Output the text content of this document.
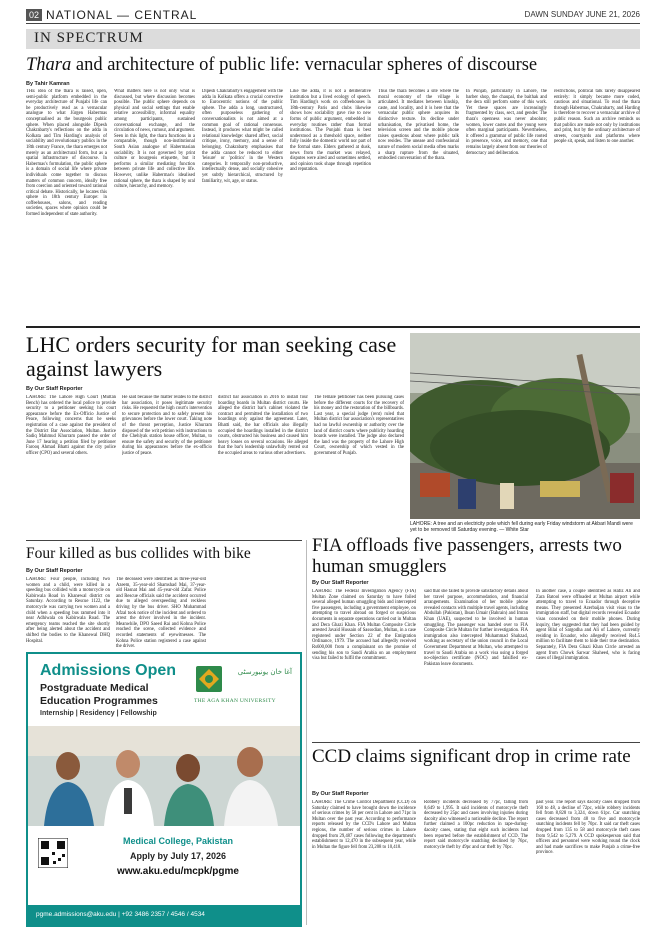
02 NATIONAL — CENTRAL	DAWN SUNDAY JUNE 21, 2026
IN SPECTRUM
Thara and architecture of public life: vernacular spheres of discourse
By Tahir Kamran
THE idea of the thara is raised, open, semi-public platform embedded in the everyday architecture of Punjabi life can be productively read as a vernacular analogue to what Jürgen Habermas conceptualised as the bourgeois public sphere. When placed alongside Dipesh Chakrabarty's reflections on the adda in Kolkata and Tim Harding's analysis of sociability and revolutionary publics in the 18th century France, the thara emerges not merely as an architectural form, but as a spatial infrastructure of discourse. In Habermas's formulation, the public sphere is a domain of social life where private individuals come together to discuss matters of common concern, ideally free from coercion and oriented toward rational critical debate. Historically, he locates this sphere in 18th century Europe: in coffeehouses, salons, and reading societies, spaces where opinion could be formed independent of state authority.
What matters here is not only what is discussed, but where discussion becomes possible. The public sphere depends on physical and social settings that enable relative accessibility, informal equality among participants, sustained conversational exchange, and the circulation of news, rumour, and argument. Seen in this light, the thara functions in a comparable, though non-institutional South Asian analogue of Habermasian sociability. It is not governed by print culture or bourgeois etiquette, but it performs a similar mediating function between private life and collective life. However, unlike Habermas's idealised rational sphere, the thara is shaped by oral culture, hierarchy, and memory.
Dipesh Chakrabarty's engagement with the adda in Kolkata offers a crucial corrective to Eurocentric notions of the public sphere. The adda a long, unstructured, often purposeless gathering of conversationalists is not aimed at a common goal of rational consensus. Instead, it produces what might be called relational knowledge: shared affect, social critique, irony, memory, and a sense of belonging. Chakrabarty emphasises that the adda cannot be reduced to either 'leisure' or 'politics' in the Western categories. It temporally non-productive, intellectually dense, and socially cohesive yet subtly hierarchical, structured by familiarity, wit, age, or status.
Like the adda, it is not a deliberative institution but a lived ecology of speech. Tim Harding's work on coffeehouses in 18th-century Paris and clubs likewise shows how sociability gave rise to new forms of public argument, embedded in everyday routines rather than formal institutions. The Punjabi thara is best understood as a threshold space, neither fully inside the domestic world nor part of the formal state. Elders gathered at dusk, news from the market was relayed, disputes were aired and sometimes settled, and opinion took shape through repetition and reputation.
Thus the thara becomes a site where the moral economy of the village is articulated. It mediates between kinship, caste, and locality, and it is here that the vernacular public sphere acquires its distinctive texture. Its decline under urbanisation, the privatised home, the television screen and the mobile phone raises questions about where public talk now resides. The unease and confessional nature of modern social media often marks a sharp rupture from the situated, embodied conversation of the thara.
In Punjab, particularly in Lahore, the barber shop, the chaupal, the baithak and the dera still perform some of this work. Yet these spaces are increasingly fragmented by class, sect, and gender. The thara's openness was never absolute; women, lower castes and the young were often marginal participants. Nevertheless, it offered a grammar of public life rooted in presence, voice, and memory, one that remains largely absent from our theories of democracy and deliberation.
restrictions, political talk rarely disappeared entirely: it simply became more coded, cautious and situational. To read the thara through Habermas, Chakrabarty, and Harding is therefore to recover a vernacular archive of public reason. Such an archive reminds us that publics are made not only by institutions and print, but by the ordinary architecture of streets, courtyards and platforms where people sit, speak, and listen to one another.
LHC orders security for man seeking case against lawyers
By Our Staff Reporter
LAHORE: The Lahore High Court (Multan Bench) has ordered the local police to provide security to a petitioner seeking his court appearance before the Ex-Officio Justice of Peace, following concerns that he seeks registration of a case against the president of the District Bar Association, Multan. Justice Sadiq Mahmud Khurram passed the order of June 17 hearing a petition filed by petitioner Farooq Ahmad Bhatti against the city police officer (CPO) and several others.
He said because the matter relates to the district bar association, it poses legitimate security risks. He requested the high court's intervention to secure protection and to safely present his grievances before the lower court. Taking note of the threat perception, Justice Khurram disposed of the writ petition with instructions to the Chehlyak station house officer, Multan, to ensure the safety and security of the petitioner during his appearances before the ex-officio justice of peace.
district bar association in 2016 to install four boarding boards in Multan district courts. He alleged the district bar's cabinet violated the contract and permitted the installation of two hoardings only against the agreement. Later, Bhatti said, the bar officials also illegally occupied the hoardings installed in the district courts, obstructed his business and caused him heavy losses on several occasions. He alleged that the bar's leadership unlawfully rented out the occupied areas to various other advertisers.
The female petitioner has been pursuing cases before the different courts for the recovery of his money and the restoration of the billboards. Last year, a special judge (rent) ruled that Multan district bar association's representatives had no lawful ownership or authority over the land of district courts where publicity hoarding boards were installed. The judge also declared the land was the property of the Lahore High Court, ownership of which vested in the government of Punjab.
LAHORE: A tree and an electricity pole which fell during early Friday windstorm at Akbari Mandi were yet to be removed till Saturday evening. — White Star
FIA offloads five passengers, arrests two human smugglers
By Our Staff Reporter
LAHORE: The Federal Investigation Agency (FIA) Multan Zone claimed on Saturday to have foiled several alleged human smuggling bids and intercepted five passengers, including a government employee, on attempting to travel abroad on forged or suspicious documents in separate operations carried out in Multan and Dera Ghazi Khan. FIA Multan Composite Circle arrested Javaid Hussain of Sassodian, Multan, in a case registered under Section 22 of the Emigration Ordinance, 1979. The accused had allegedly received Rs600,000 from a complainant on the promise of sending his son to Saudi Arabia on an employment visa but failed to fulfil the commitment.
said that she failed to provide satisfactory details about her travel purpose, accommodation, and financial arrangements. Examination of her mobile phone revealed contacts with multiple travel agents, including Abdullah (Pakistan), Ihsan Umair (Bahrain) and Imran Khan (UAE), suspected to be involved in human smuggling. The passenger was handed over to FIA Composite Circle Multan for further investigation. FIA immigration also intercepted Muhammad Shahzad, working as secretary of the union council in the Local Government Department at Multan, who attempted to travel to Saudi Arabia on a work visa using a forged no-objection certificate (NOC) and falsified ex-Pakistan leave documents.
In another case, a couple identified as Hafiz Ali and Zara Batool were offloaded at Multan airport while attempting to travel to Ecuador through deceptive means. They presented Azerbaijan visit visas to the immigration staff, but digital records revealed Ecuador visas concealed on their mobile phones. During inquiry, they suggested that they had been guided by agent Bilal of Sargodha and Ali of Lahore, currently residing in Ecuador, who allegedly received Rs4.5 million to facilitate them to hide their true destination. Separately, FIA Dera Ghazi Khan Circle arrested an agent from Chowk Sarwar Shaheed, who is facing cases of illegal immigration.
Four killed as bus collides with bike
By Our Staff Reporter
LAHORE: Four people, including two women and a child, were killed in a speeding bus collided with a motorcycle on Kabirwala Road in Khanewal district on Saturday. According to Rescue 1122, the motorcycle was carrying two women and a child when a speeding bus rammed into it near Adhiwala on Kabirwala Road. The emergency teams reached the site shortly after being alerted about the accident and shifted the bodies to the Khanewal DHQ Hospital.
The deceased were identified as three-year-old Azeem, 35-year-old Shamshad Mai, 37-year-old Hasnat Mai and 45-year-old Zafar. Police and Rescue officials said the accident occurred due to alleged overspeeding and reckless driving by the bus driver. SHO Muhammad Afzal took notice of the incident and ordered to arrest the driver involved in the incident. Meanwhile, DPO Saeed Rai and Kohna Police reached the scene, collected evidence and recorded statements of eyewitnesses. The Kohna Police station registered a case against the driver.
Admissions Open
Postgraduate Medical
Education Programmes
Internship | Residency | Fellowship
آغا خان یونیورسٹی
THE AGA KHAN UNIVERSITY
Medical College, Pakistan
Apply by July 17, 2026
www.aku.edu/mcpk/pgme
pgme.admissions@aku.edu | +92 3486 2357 / 4546 / 4534
CCD claims significant drop in crime rate
By Our Staff Reporter
LAHORE: The Crime Control Department (CCD) on Saturday claimed to have brought down the incidence of serious crimes by 58 per cent in Lahore and 71pc in Multan over the past year. According to performance reports released by the CCD's Lahore and Multan regions, the number of serious crimes in Lahore dropped from 29,487 cases following the department's establishment to 12,470 in the subsequent year, while in Multan the figure fell from 23,208 to 10,418.
Robbery incidents decreased by 77pc, falling from 8,649 to 1,995. It said incidents of motorcycle theft decreased by 25pc and cases involving injuries during dacoity also witnessed a noticeable decline. The report further claimed a 100pc reduction in rape-during-dacoity cases, stating that eight such incidents had been reported before the establishment of CCD. The report said motorcycle snatching declined by 76pc, motorcycle theft by 49pc and car theft by 70pc.
past year. The report says dacoity cases dropped from 160 to 48, a decline of 72pc, while robbery incidents fell from 8,828 to 3,324, down 61pc. Car snatching cases decreased from 48 to five and motorcycle snatching incidents fell by 70pc. It said car theft cases dropped from 135 to 58 and motorcycle theft cases from 9,542 to 5,279. A CCD spokesperson said that officers and personnel were working round the clock and had made sacrifices to make Punjab a crime-free province.
